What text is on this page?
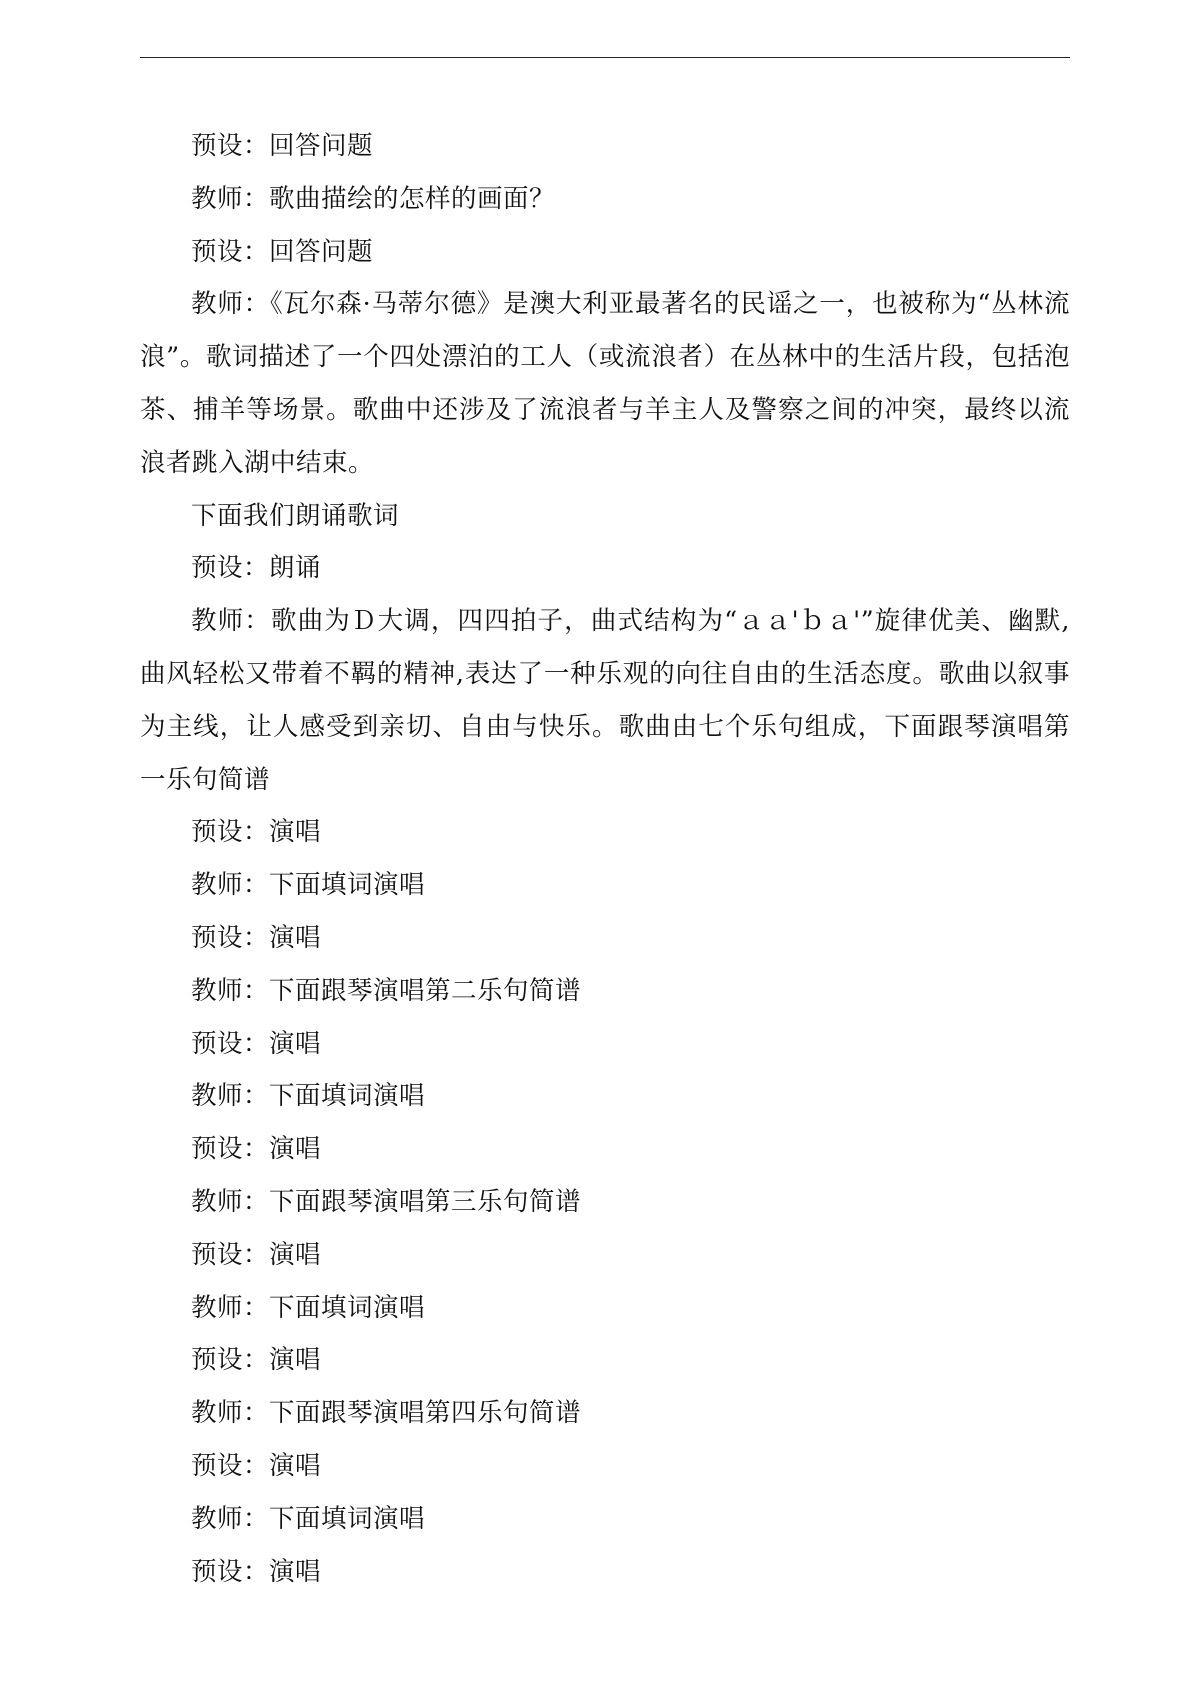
预设：回答问题

教师：歌曲描绘的怎样的画面？

预设：回答问题

教师：《瓦尔森·马蒂尔德》是澳大利亚最著名的民谣之一，也被称为“丛林流浪”。歌词描述了一个四处漂泊的工人（或流浪者）在丛林中的生活片段，包括泡茶、捕羊等场景。歌曲中还涉及了流浪者与羊主人及警察之间的冲突，最终以流浪者跳入湖中结束。

下面我们朗诵歌词

预设：朗诵

教师：歌曲为Ｄ大调，四四拍子，曲式结构为“ａａ'ｂａ'”旋律优美、幽默,曲风轻松又带着不羁的精神,表达了一种乐观的向往自由的生活态度。歌曲以叙事为主线，让人感受到亲切、自由与快乐。歌曲由七个乐句组成，下面跟琴演唱第一乐句简谱

预设：演唱

教师：下面填词演唱

预设：演唱

教师：下面跟琴演唱第二乐句简谱

预设：演唱

教师：下面填词演唱

预设：演唱

教师：下面跟琴演唱第三乐句简谱

预设：演唱

教师：下面填词演唱

预设：演唱

教师：下面跟琴演唱第四乐句简谱

预设：演唱

教师：下面填词演唱

预设：演唱
